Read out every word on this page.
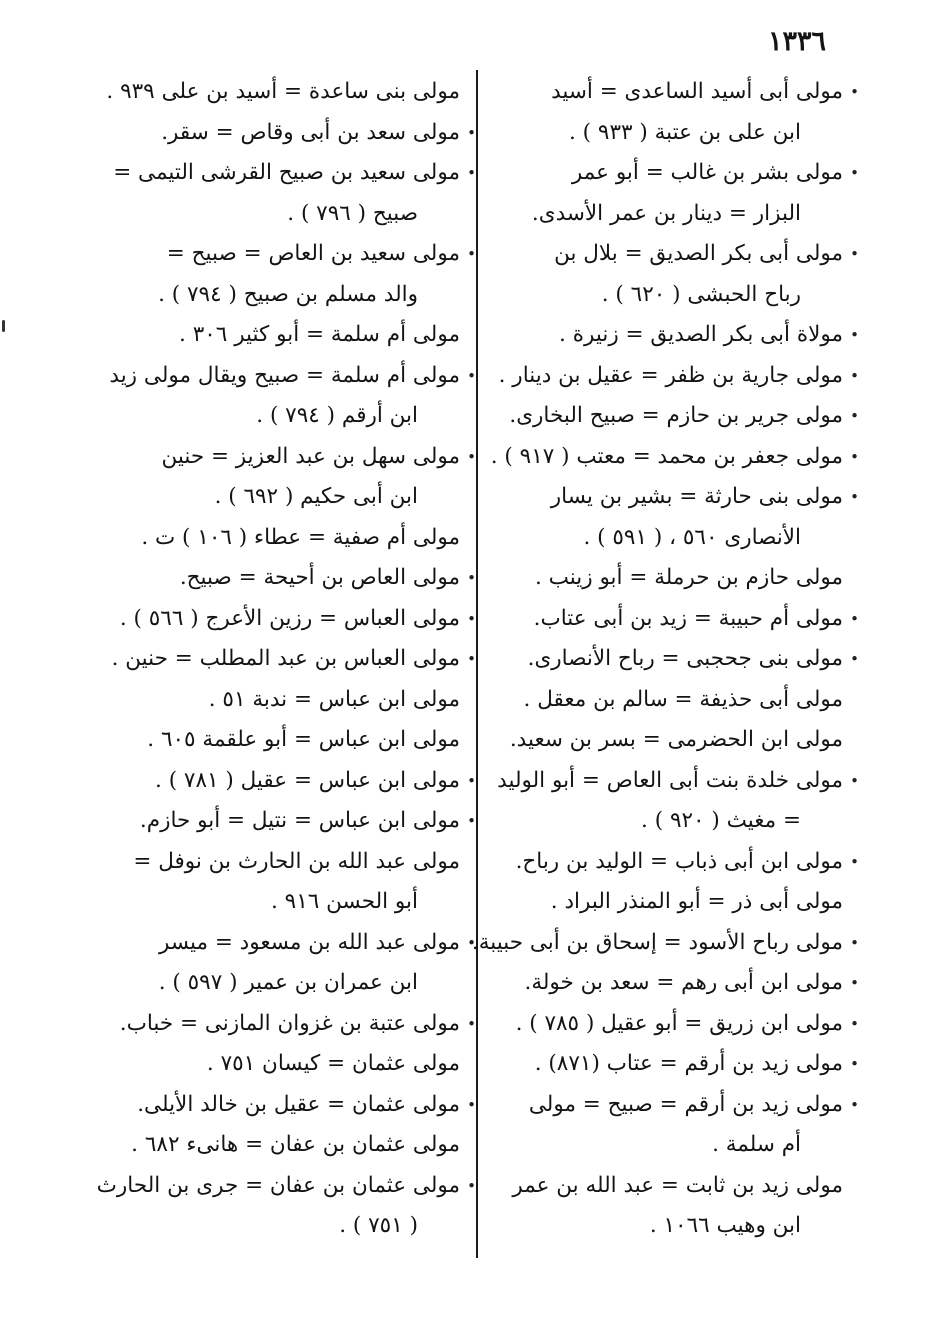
١٣٣٦
• مولى أبى أسيد الساعدى = أسيد
ابن على بن عتبة ( ٩٣٣ ) .
• مولى بشر بن غالب = أبو عمر
البزار = دينار بن عمر الأسدى.
• مولى أبى بكر الصديق = بلال بن
رباح الحبشى ( ٦٢٠ ) .
• مولاة أبى بكر الصديق = زنيرة .
• مولى جارية بن ظفر = عقيل بن دينار .
• مولى جرير بن حازم = صبيح البخارى.
• مولى جعفر بن محمد = معتب ( ٩١٧ ) .
• مولى بنى حارثة = بشير بن يسار
الأنصارى ٥٦٠ ، ( ٥٩١ ) .
مولى حازم بن حرملة = أبو زينب .
• مولى أم حبيبة = زيد بن أبى عتاب.
• مولى بنى جحجبى = رباح الأنصارى.
مولى أبى حذيفة = سالم بن معقل .
مولى ابن الحضرمى = بسر بن سعيد.
• مولى خلدة بنت أبى العاص = أبو الوليد
= مغيث ( ٩٢٠ ) .
• مولى ابن أبى ذباب = الوليد بن رباح.
مولى أبى ذر = أبو المنذر البراد .
• مولى رباح الأسود = إسحاق بن أبى حبيبة.
• مولى ابن أبى رهم = سعد بن خولة.
• مولى ابن زريق = أبو عقيل ( ٧٨٥ ) .
• مولى زيد بن أرقم = عتاب (٨٧١) .
• مولى زيد بن أرقم = صبيح = مولى
أم سلمة .
مولى زيد بن ثابت = عبد الله بن عمر
ابن وهيب ١٠٦٦ .
مولى بنى ساعدة = أسيد بن على ٩٣٩ .
• مولى سعد بن أبى وقاص = سقر.
• مولى سعيد بن صبيح القرشى التيمى =
صبيح ( ٧٩٦ ) .
• مولى سعيد بن العاص = صبيح =
والد مسلم بن صبيح ( ٧٩٤ ) .
مولى أم سلمة = أبو كثير ٣٠٦ .
• مولى أم سلمة = صبيح ويقال مولى زيد
ابن أرقم ( ٧٩٤ ) .
• مولى سهل بن عبد العزيز = حنين
ابن أبى حكيم ( ٦٩٢ ) .
مولى أم صفية = عطاء ( ١٠٦ ) ت .
• مولى العاص بن أحيحة = صبيح.
• مولى العباس = رزين الأعرج ( ٥٦٦ ) .
• مولى العباس بن عبد المطلب = حنين .
مولى ابن عباس = ندبة ٥١ .
مولى ابن عباس = أبو علقمة ٦٠٥ .
• مولى ابن عباس = عقيل ( ٧٨١ ) .
• مولى ابن عباس = نتيل = أبو حازم.
مولى عبد الله بن الحارث بن نوفل =
أبو الحسن ٩١٦ .
• مولى عبد الله بن مسعود = ميسر
ابن عمران بن عمير ( ٥٩٧ ) .
• مولى عتبة بن غزوان المازنى = خباب.
مولى عثمان = كيسان ٧٥١ .
• مولى عثمان = عقيل بن خالد الأيلى.
مولى عثمان بن عفان = هانىء ٦٨٢ .
• مولى عثمان بن عفان = جرى بن الحارث
( ٧٥١ ) .
